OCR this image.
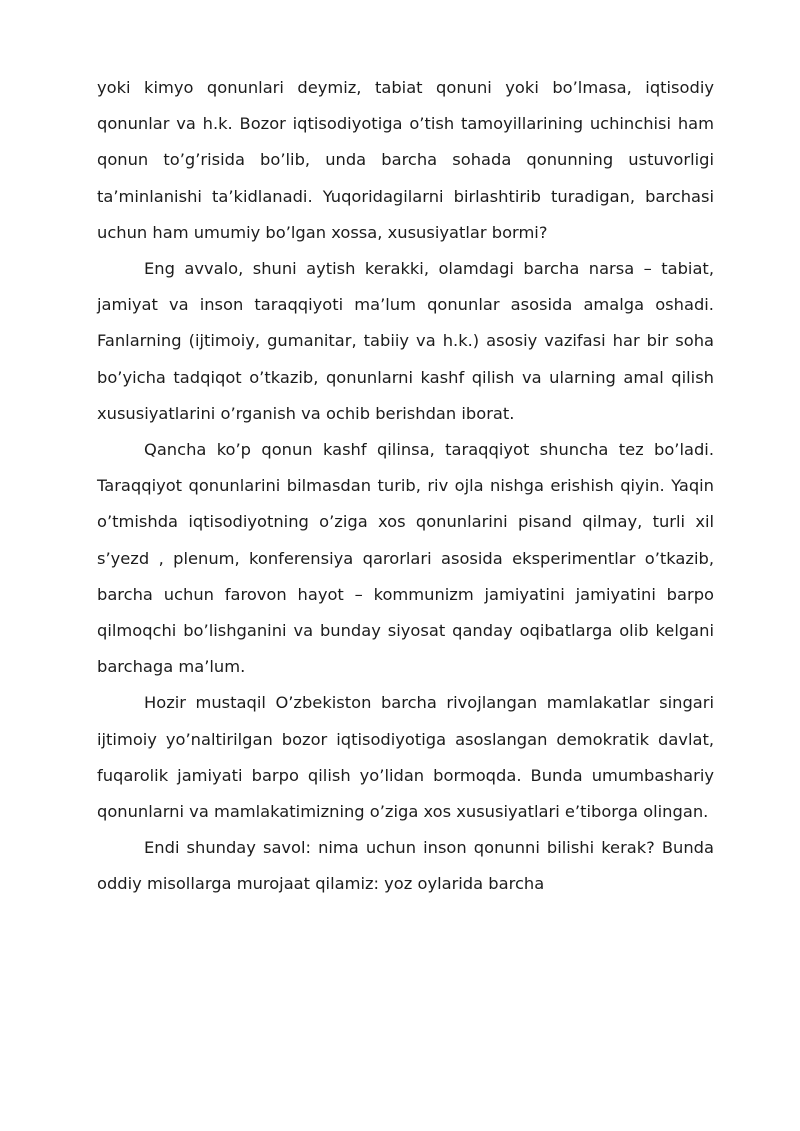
yoki kimyo qonunlari deymiz, tabiat qonuni yoki bo’lmasa, iqtisodiy qonunlar va h.k. Bozor iqtisodiyotiga o’tish tamoyillarining uchinchisi ham qonun to’g’risida bo’lib, unda barcha sohada qonunning ustuvorligi ta’minlanishi ta’kidlanadi. Yuqoridagilarni birlashtirib turadigan, barchasi uchun ham umumiy bo’lgan xossa, xususiyatlar bormi?

Eng avvalo, shuni aytish kerakki, olamdagi barcha narsa – tabiat, jamiyat va inson taraqqiyoti ma’lum qonunlar asosida amalga oshadi. Fanlarning (ijtimoiy, gumanitar, tabiiy va h.k.) asosiy vazifasi har bir soha bo’yicha tadqiqot o’tkazib, qonunlarni kashf qilish va ularning amal qilish xususiyatlarini o’rganish va ochib berishdan iborat.

Qancha ko’p qonun kashf qilinsa, taraqqiyot shuncha tez bo’ladi. Taraqqiyot qonunlarini bilmasdan turib, riv ojla nishga erishish qiyin. Yaqin o’tmishda iqtisodiyotning o’ziga xos qonunlarini pisand qilmay, turli xil s’yezd , plenum, konferensiya qarorlari asosida eksperimentlar o’tkazib, barcha uchun farovon hayot – kommunizm jamiyatini jamiyatini barpo qilmoqchi bo’lishganini va bunday siyosat qanday oqibatlarga olib kelgani barchaga ma’lum.

Hozir mustaqil O’zbekiston barcha rivojlangan mamlakatlar singari ijtimoiy yo’naltirilgan bozor iqtisodiyotiga asoslangan demokratik davlat, fuqarolik jamiyati barpo qilish yo’lidan bormoqda. Bunda umumbashariy qonunlarni va mamlakatimizning o’ziga xos xususiyatlari e’tiborga olingan.

Endi shunday savol: nima uchun inson qonunni bilishi kerak? Bunda oddiy misollarga murojaat qilamiz: yoz oylarida barcha
